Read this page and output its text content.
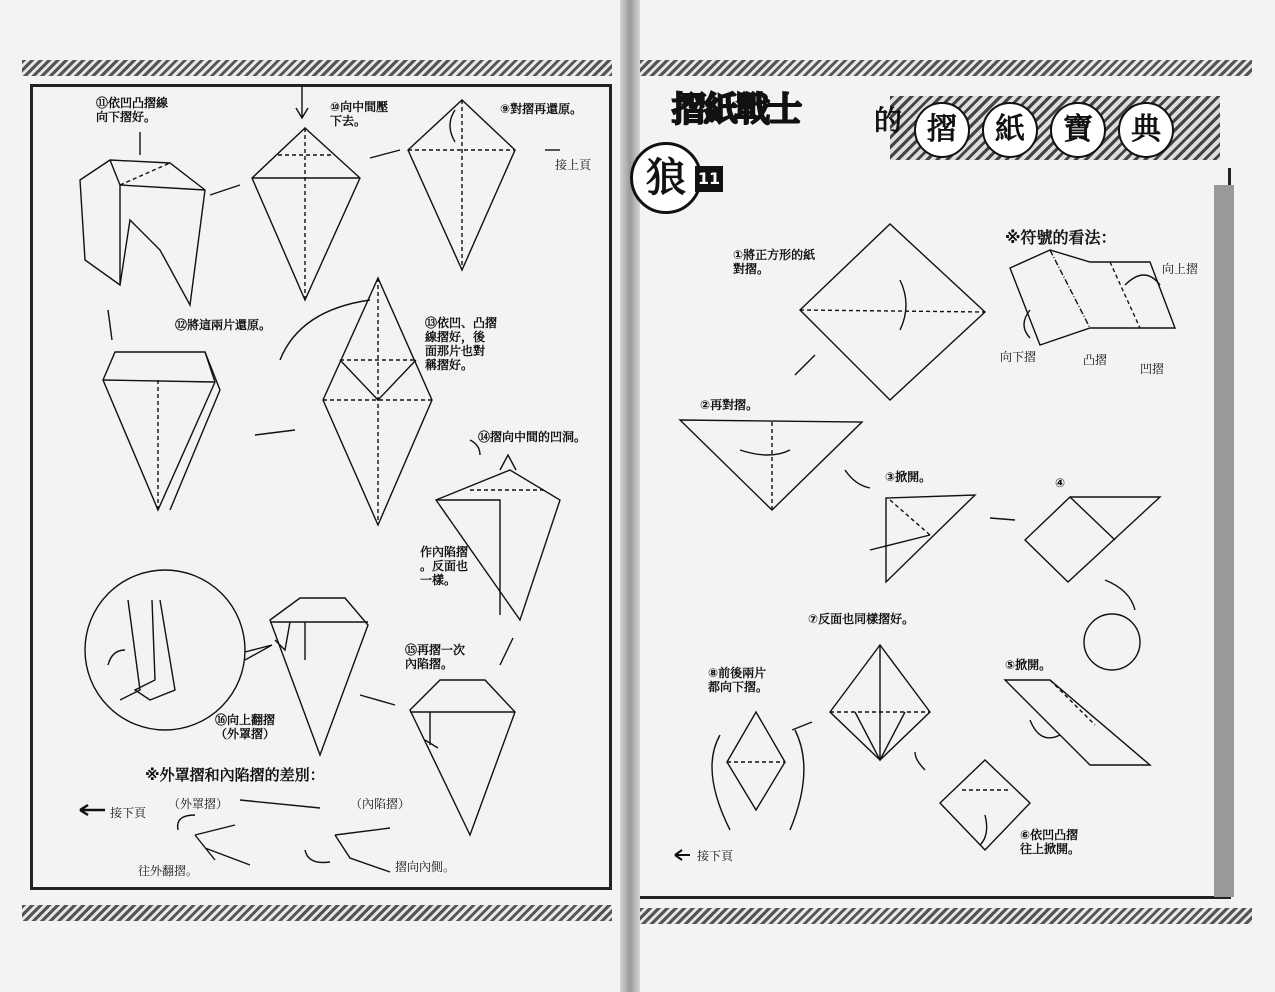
摺紙戰士	的 摺	紙	寶	典
狼 11
⑪依凹凸摺線
向下摺好。
⑩向中間壓
下去。
⑨對摺再還原。
接上頁
⑫將這兩片還原。	⑬依凹、凸摺
線摺好，後
面那片也對
稱摺好。
⑭摺向中間的凹洞。
作內陷摺
。反面也
一樣。
⑮再摺一次
內陷摺。
⑯向上翻摺
（外罩摺）
※外罩摺和內陷摺的差別：
（外罩摺）	（內陷摺）
接下頁
往外翻摺。	摺向內側。
※符號的看法：
向上摺
向下摺	凸摺
凹摺
①將正方形的紙
對摺。
②再對摺。
③掀開。	④
⑦反面也同樣摺好。
⑤掀開。
⑧前後兩片
都向下摺。
⑥依凹凸摺
往上掀開。
接下頁
